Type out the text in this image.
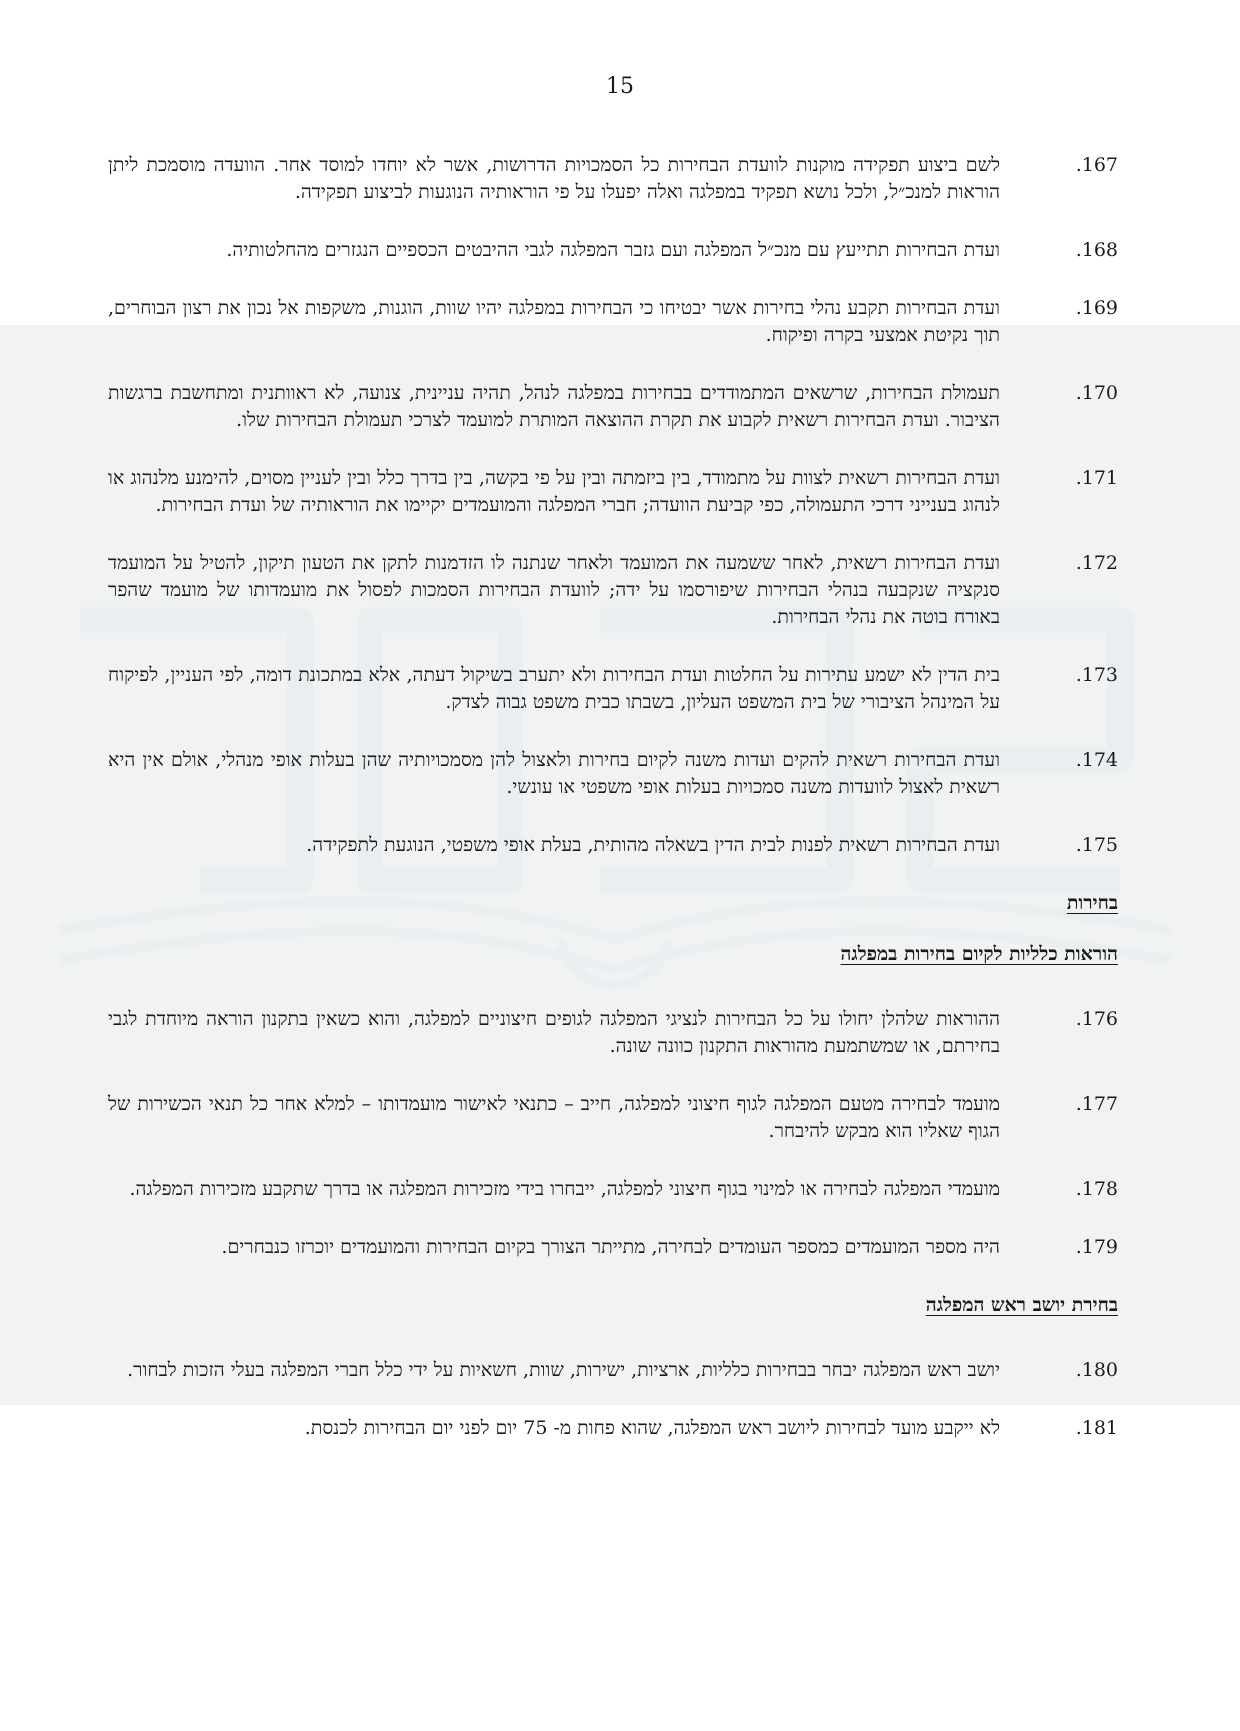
15
.167
לשם ביצוע תפקידה מוקנות לוועדת הבחירות כל הסמכויות הדרושות, אשר לא יוחדו למוסד אחר. הוועדה מוסמכת ליתן הוראות למנכ״ל, ולכל נושא תפקיד במפלגה ואלה יפעלו על פי הוראותיה הנוגעות לביצוע תפקידה.
.168
ועדת הבחירות תתייעץ עם מנכ״ל המפלגה ועם גזבר המפלגה לגבי ההיבטים הכספיים הנגזרים מהחלטותיה.
.169
ועדת הבחירות תקבע נהלי בחירות אשר יבטיחו כי הבחירות במפלגה יהיו שוות, הוגנות, משקפות אל נכון את רצון הבוחרים, תוך נקיטת אמצעי בקרה ופיקוח.
.170
תעמולת הבחירות, שרשאים המתמודדים בבחירות במפלגה לנהל, תהיה עניינית, צנועה, לא ראוותנית ומתחשבת ברגשות הציבור. ועדת הבחירות רשאית לקבוע את תקרת ההוצאה המותרת למועמד לצרכי תעמולת הבחירות שלו.
.171
ועדת הבחירות רשאית לצוות על מתמודד, בין ביזמתה ובין על פי בקשה, בין בדרך כלל ובין לעניין מסוים, להימנע מלנהוג או לנהוג בענייני דרכי התעמולה, כפי קביעת הוועדה; חברי המפלגה והמועמדים יקיימו את הוראותיה של ועדת הבחירות.
.172
ועדת הבחירות רשאית, לאחר ששמעה את המועמד ולאחר שנתנה לו הזדמנות לתקן את הטעון תיקון, להטיל על המועמד סנקציה שנקבעה בנהלי הבחירות שיפורסמו על ידה; לוועדת הבחירות הסמכות לפסול את מועמדותו של מועמד שהפר באורח בוטה את נהלי הבחירות.
.173
בית הדין לא ישמע עתירות על החלטות ועדת הבחירות ולא יתערב בשיקול דעתה, אלא במתכונת דומה, לפי העניין, לפיקוח על המינהל הציבורי של בית המשפט העליון, בשבתו כבית משפט גבוה לצדק.
.174
ועדת הבחירות רשאית להקים ועדות משנה לקיום בחירות ולאצול להן מסמכויותיה שהן בעלות אופי מנהלי, אולם אין היא רשאית לאצול לוועדות משנה סמכויות בעלות אופי משפטי או עונשי.
.175
ועדת הבחירות רשאית לפנות לבית הדין בשאלה מהותית, בעלת אופי משפטי, הנוגעת לתפקידה.
בחירות
הוראות כלליות לקיום בחירות במפלגה
.176
ההוראות שלהלן יחולו על כל הבחירות לנציגי המפלגה לגופים חיצוניים למפלגה, והוא כשאין בתקנון הוראה מיוחדת לגבי בחירתם, או שמשתמעת מהוראות התקנון כוונה שונה.
.177
מועמד לבחירה מטעם המפלגה לגוף חיצוני למפלגה, חייב – כתנאי לאישור מועמדותו – למלא אחר כל תנאי הכשירות של הגוף שאליו הוא מבקש להיבחר.
.178
מועמדי המפלגה לבחירה או למינוי בגוף חיצוני למפלגה, ייבחרו בידי מזכירות המפלגה או בדרך שתקבע מזכירות המפלגה.
.179
היה מספר המועמדים כמספר העומדים לבחירה, מתייתר הצורך בקיום הבחירות והמועמדים יוכרזו כנבחרים.
בחירת יושב ראש המפלגה
.180
יושב ראש המפלגה יבחר בבחירות כלליות, ארציות, ישירות, שוות, חשאיות על ידי כלל חברי המפלגה בעלי הזכות לבחור.
.181
לא ייקבע מועד לבחירות ליושב ראש המפלגה, שהוא פחות מ- 75 יום לפני יום הבחירות לכנסת.
